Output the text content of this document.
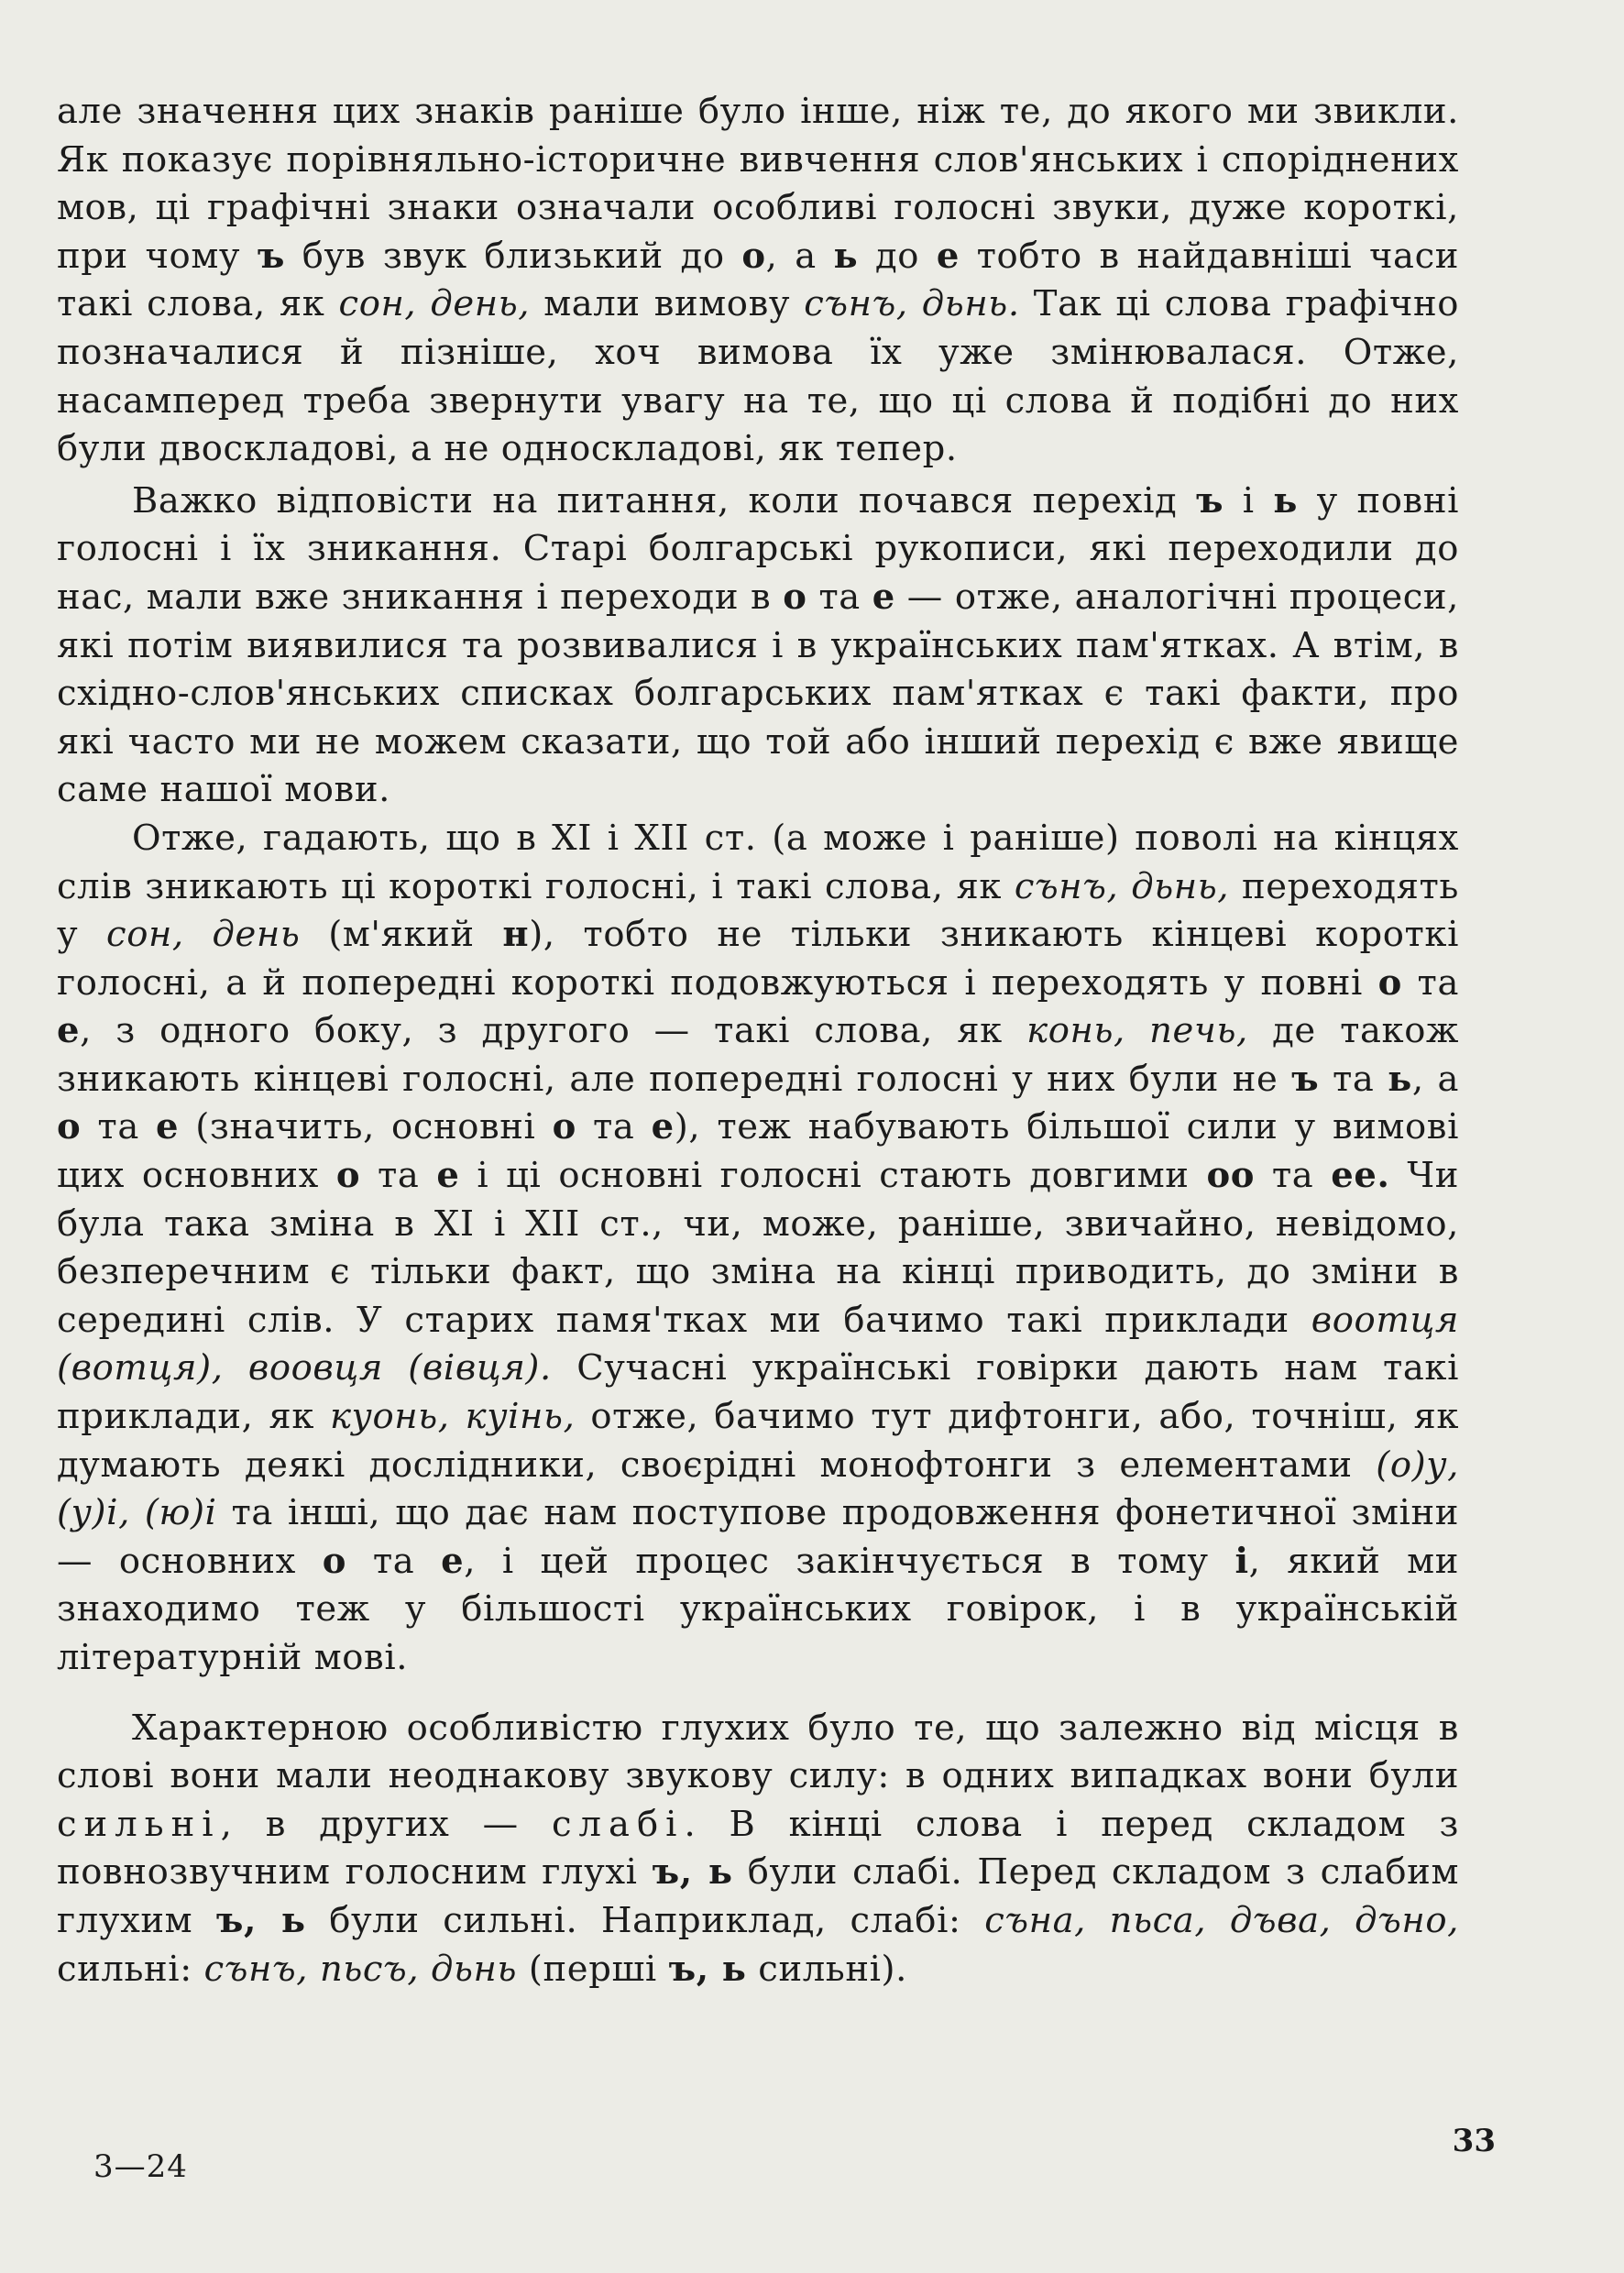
але значення цих знаків раніше було інше, ніж те, до якого ми звикли. Як показує порівняльно-історичне вивчення слов'янських і споріднених мов, ці графічні знаки означали особливі голосні звуки, дуже короткі, при чому ъ був звук близький до о, а ь до е тобто в найдавніші часи такі слова, як сон, день, мали вимову сънъ, дьнь. Так ці слова графічно позначалися й пізніше, хоч вимова їх уже змінювалася. Отже, насамперед треба звернути увагу на те, що ці слова й подібні до них були двоскладові, а не односкладові, як тепер.

Важко відповісти на питання, коли почався перехід ъ і ь у повні голосні і їх зникання. Старі болгарські рукописи, які переходили до нас, мали вже зникання і переходи в о та е — отже, аналогічні процеси, які потім виявилися та розвивалися і в українських пам'ятках. А втім, в східно-слов'янських списках болгарських пам'ятках є такі факти, про які часто ми не можем сказати, що той або інший перехід є вже явище саме нашої мови.

Отже, гадають, що в XI і XII ст. (а може і раніше) поволі на кінцях слів зникають ці короткі голосні, і такі слова, як сънъ, дьнь, переходять у сон, день (м'який н), тобто не тільки зникають кінцеві короткі голосні, а й попередні короткі подовжуються і переходять у повні о та е, з одного боку, з другого — такі слова, як конь, печь, де також зникають кінцеві голосні, але попередні голосні у них були не ъ та ь, а о та е (значить, основні о та е), теж набувають більшої сили у вимові цих основних о та е і ці основні голосні стають довгими оо та ее. Чи була така зміна в XI і XII ст., чи, може, раніше, звичайно, невідомо, безперечним є тільки факт, що зміна на кінці приводить, до зміни в середині слів. У старих памя'тках ми бачимо такі приклади воотця (вотця), воовця (вівця). Сучасні українські говірки дають нам такі приклади, як куонь, куінь, отже, бачимо тут дифтонги, або, точніш, як думають деякі дослідники, своєрідні монофтонги з елементами (о)у, (у)і, (ю)і та інші, що дає нам поступове продовження фонетичної зміни — основних о та е, і цей процес закінчується в тому і, який ми знаходимо теж у більшості українських говірок, і в українській літературній мові.

Характерною особливістю глухих було те, що залежно від місця в слові вони мали неоднакову звукову силу: в одних випадках вони були сильні, в других — слабі. В кінці слова і перед складом з повнозвучним голосним глухі ъ, ь були слабі. Перед складом з слабим глухим ъ, ь були сильні. Наприклад, слабі: съна, пьса, дъва, дъно, сильні: сънъ, пьсъ, дьнь (перші ъ, ь сильні).

33
3—24
